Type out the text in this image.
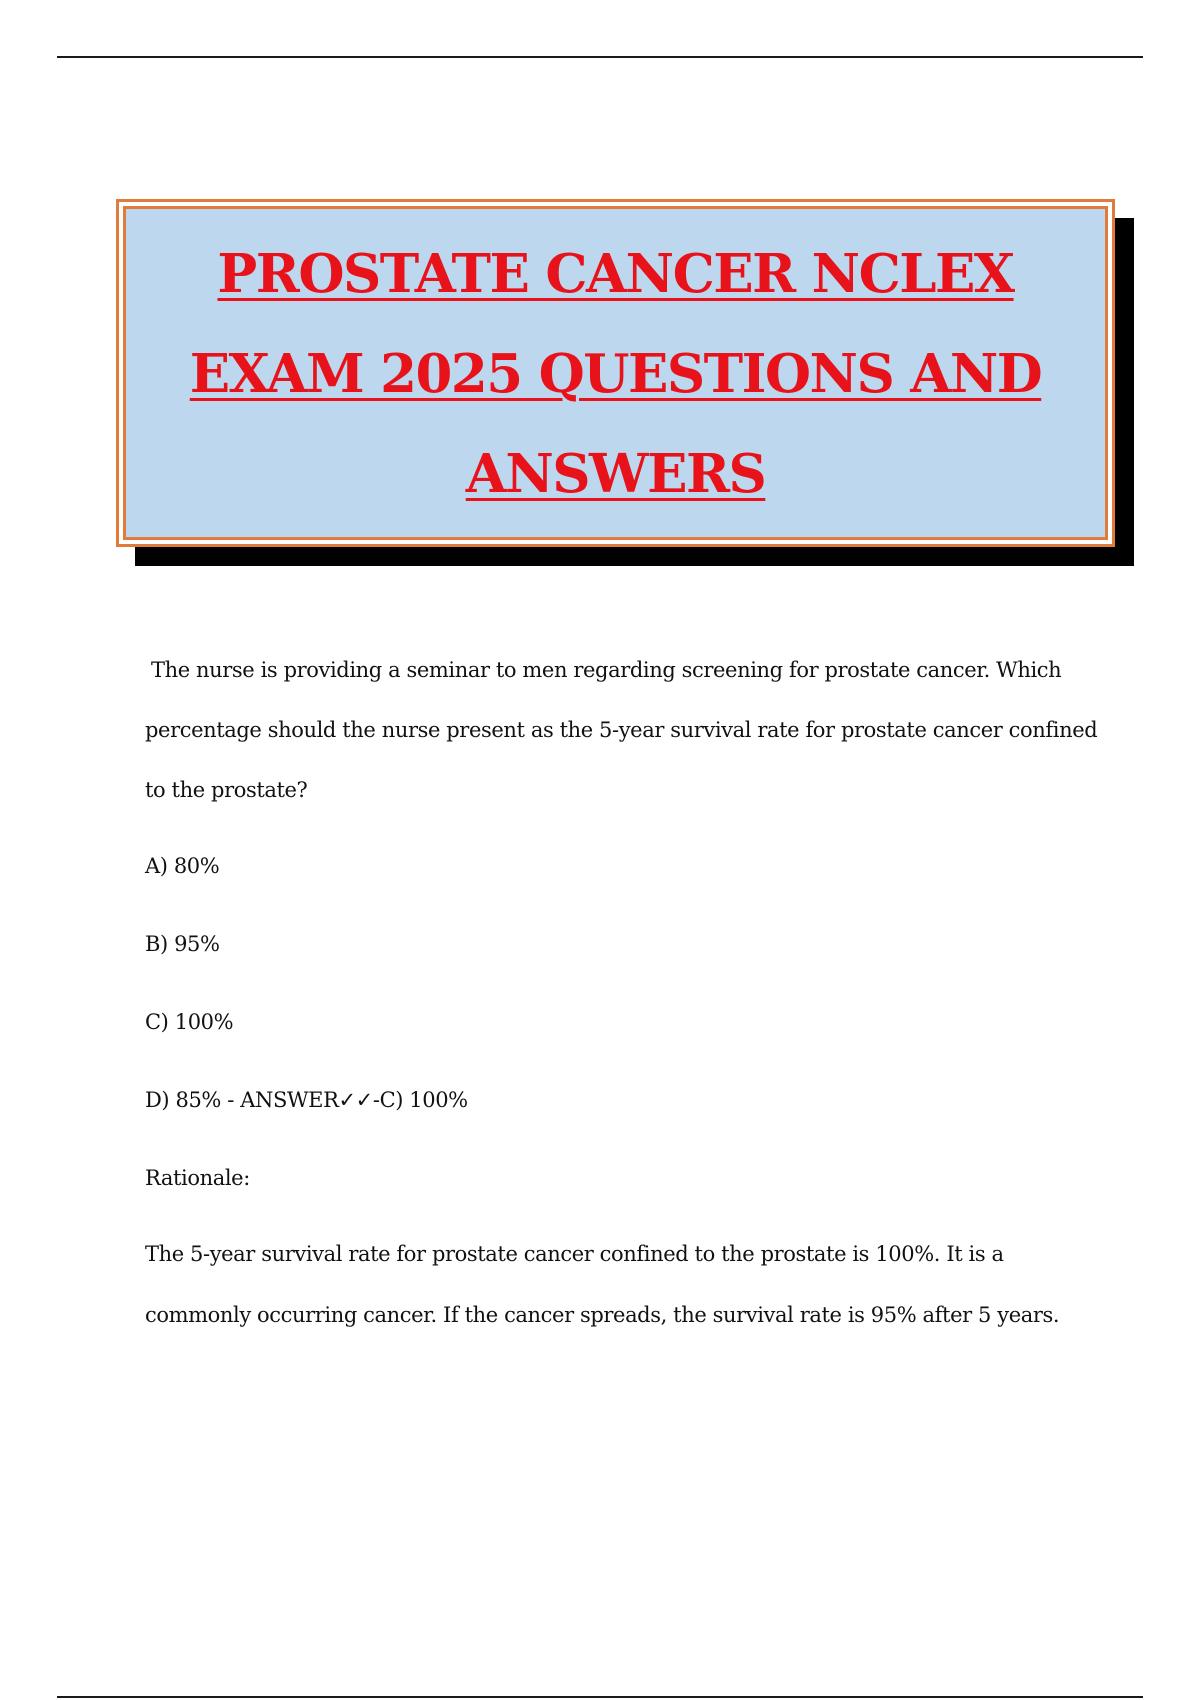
PROSTATE CANCER NCLEX EXAM 2025 QUESTIONS AND ANSWERS

The nurse is providing a seminar to men regarding screening for prostate cancer. Which percentage should the nurse present as the 5-year survival rate for prostate cancer confined to the prostate?

A) 80%

B) 95%

C) 100%

D) 85% - ANSWER✓✓-C) 100%

Rationale:

The 5-year survival rate for prostate cancer confined to the prostate is 100%. It is a commonly occurring cancer. If the cancer spreads, the survival rate is 95% after 5 years.
